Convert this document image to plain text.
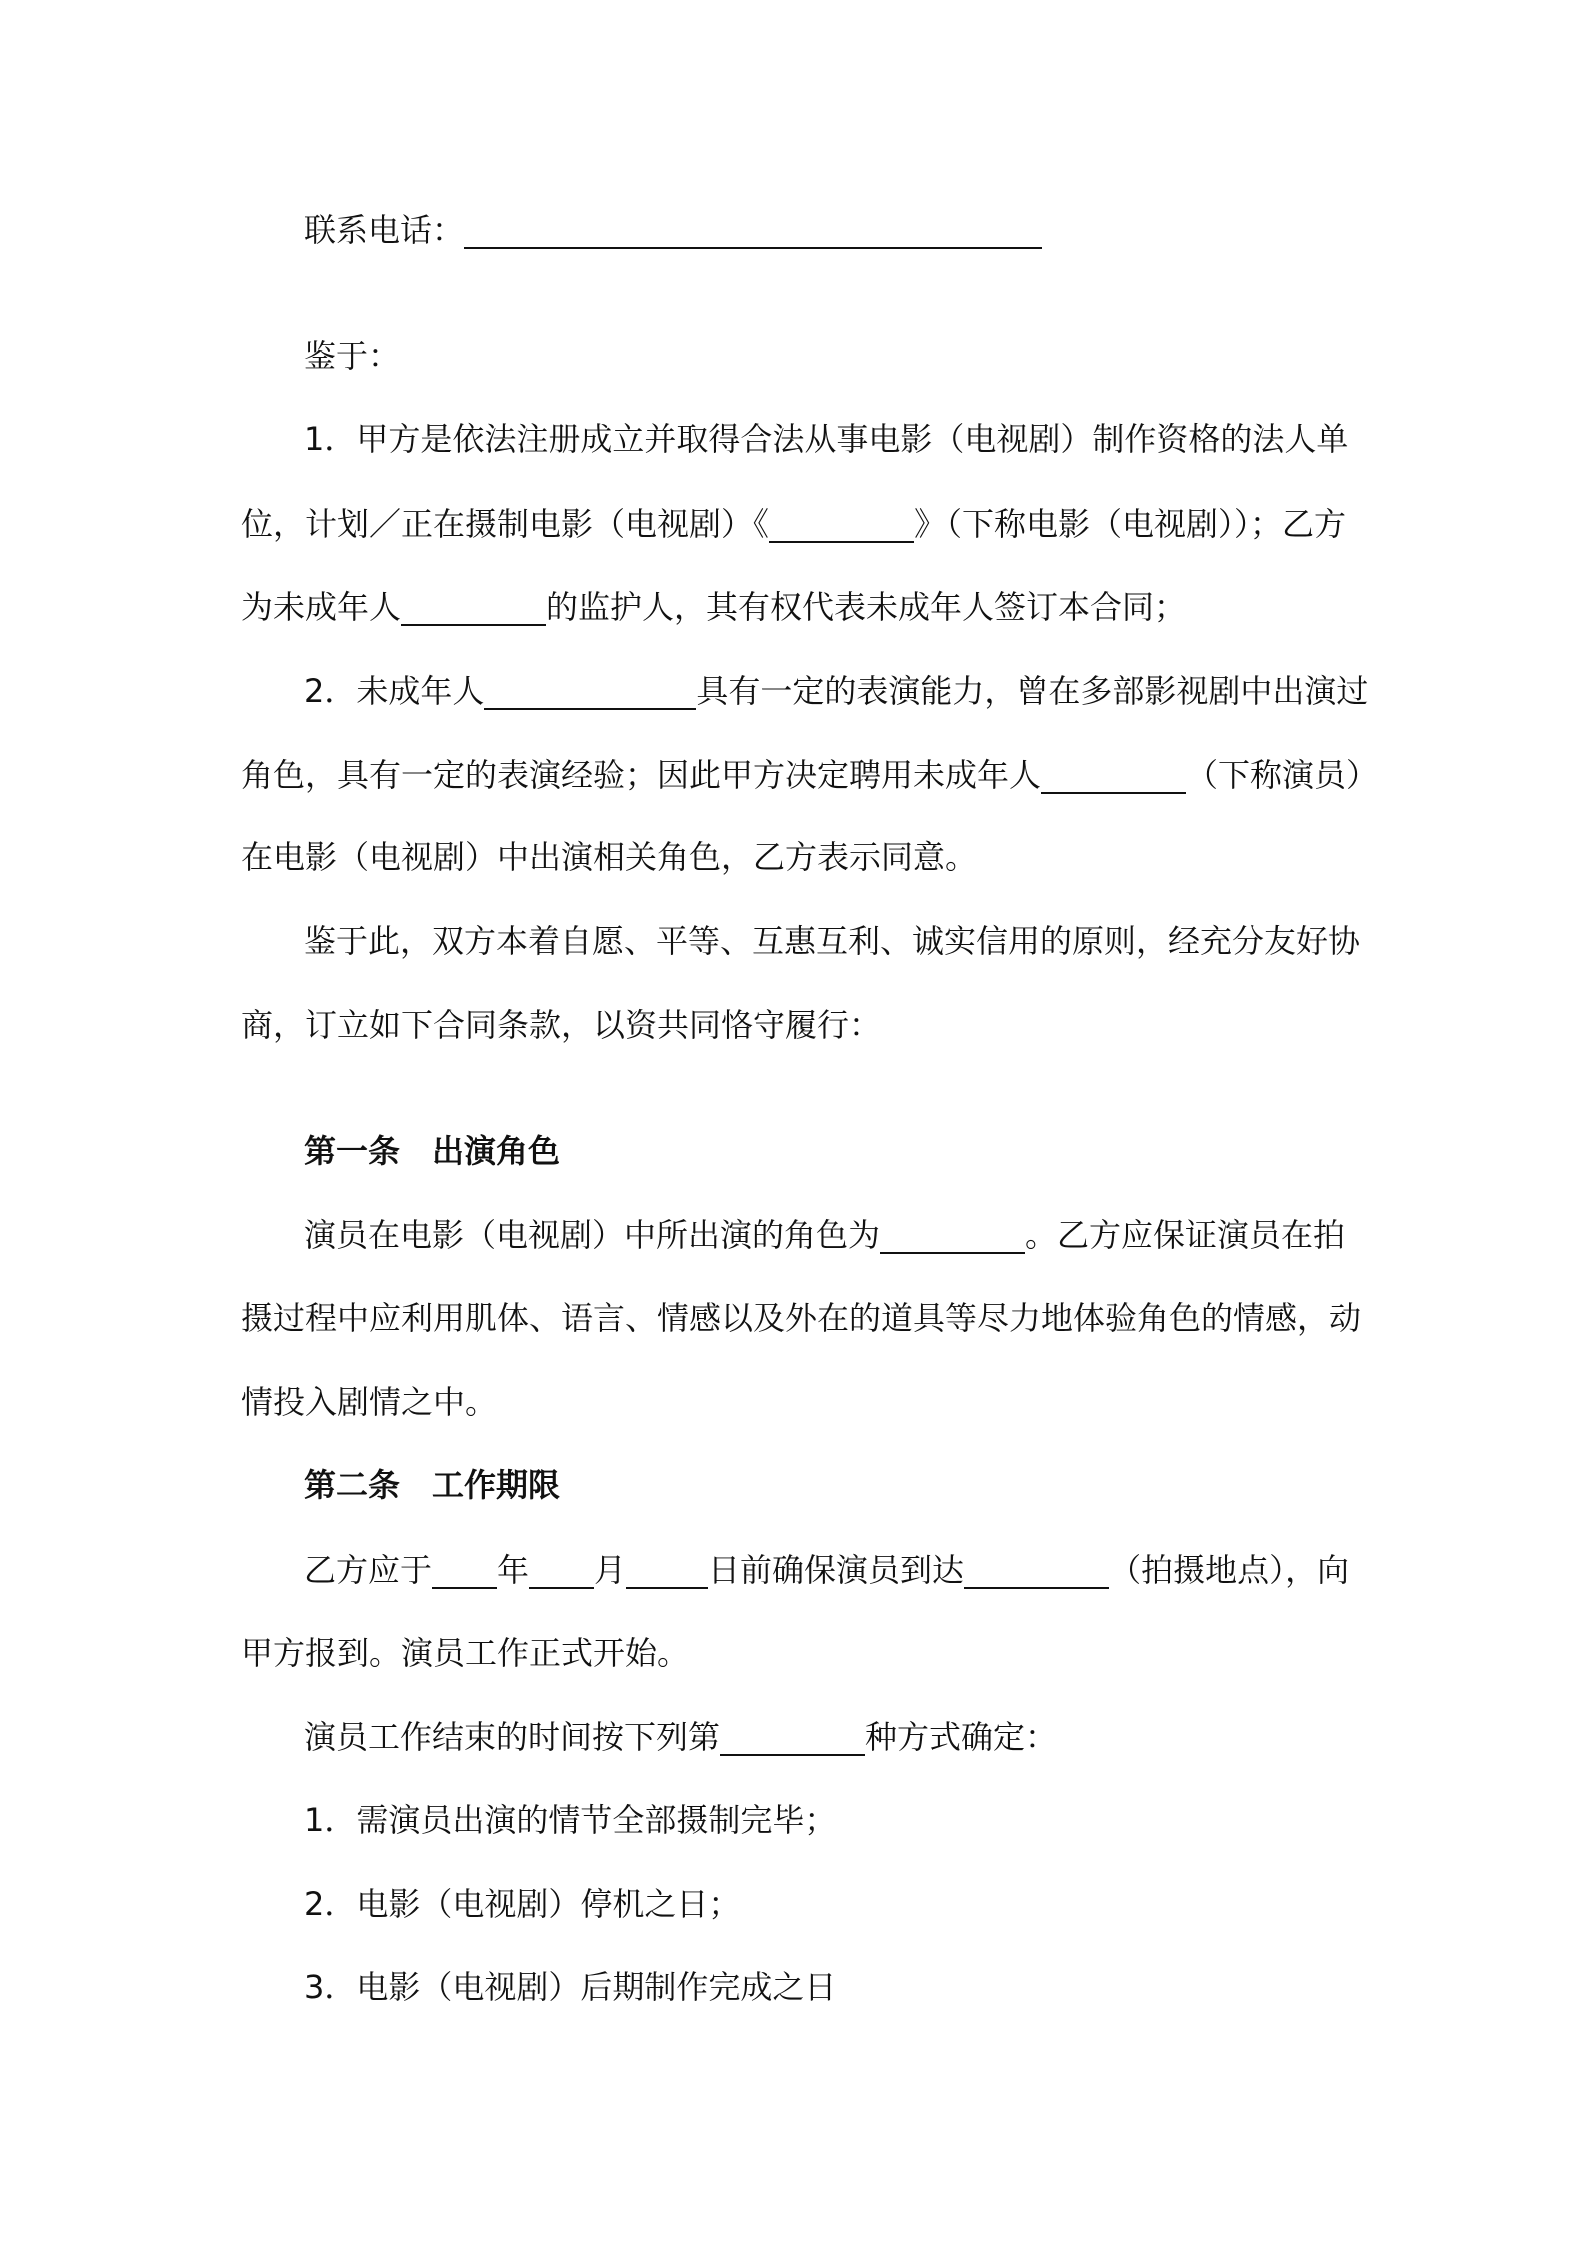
联系电话：
鉴于：
1．甲方是依法注册成立并取得合法从事电影（电视剧）制作资格的法人单
位，计划／正在摄制电影（电视剧）《	》（下称电影（电视剧））；乙方
为未成年人	的监护人，其有权代表未成年人签订本合同；
2．未成年人	具有一定的表演能力，曾在多部影视剧中出演过
角色，具有一定的表演经验；因此甲方决定聘用未成年人	（下称演员）
在电影（电视剧）中出演相关角色，乙方表示同意。
鉴于此，双方本着自愿、平等、互惠互利、诚实信用的原则，经充分友好协
商，订立如下合同条款，以资共同恪守履行：
第一条 出演角色
演员在电影（电视剧）中所出演的角色为	。乙方应保证演员在拍
摄过程中应利用肌体、语言、情感以及外在的道具等尽力地体验角色的情感，动
情投入剧情之中。
第二条 工作期限
乙方应于 年 月	日前确保演员到达	（拍摄地点），向
甲方报到。演员工作正式开始。
演员工作结束的时间按下列第	种方式确定：
1．需演员出演的情节全部摄制完毕；
2．电影（电视剧）停机之日；
3．电影（电视剧）后期制作完成之日
